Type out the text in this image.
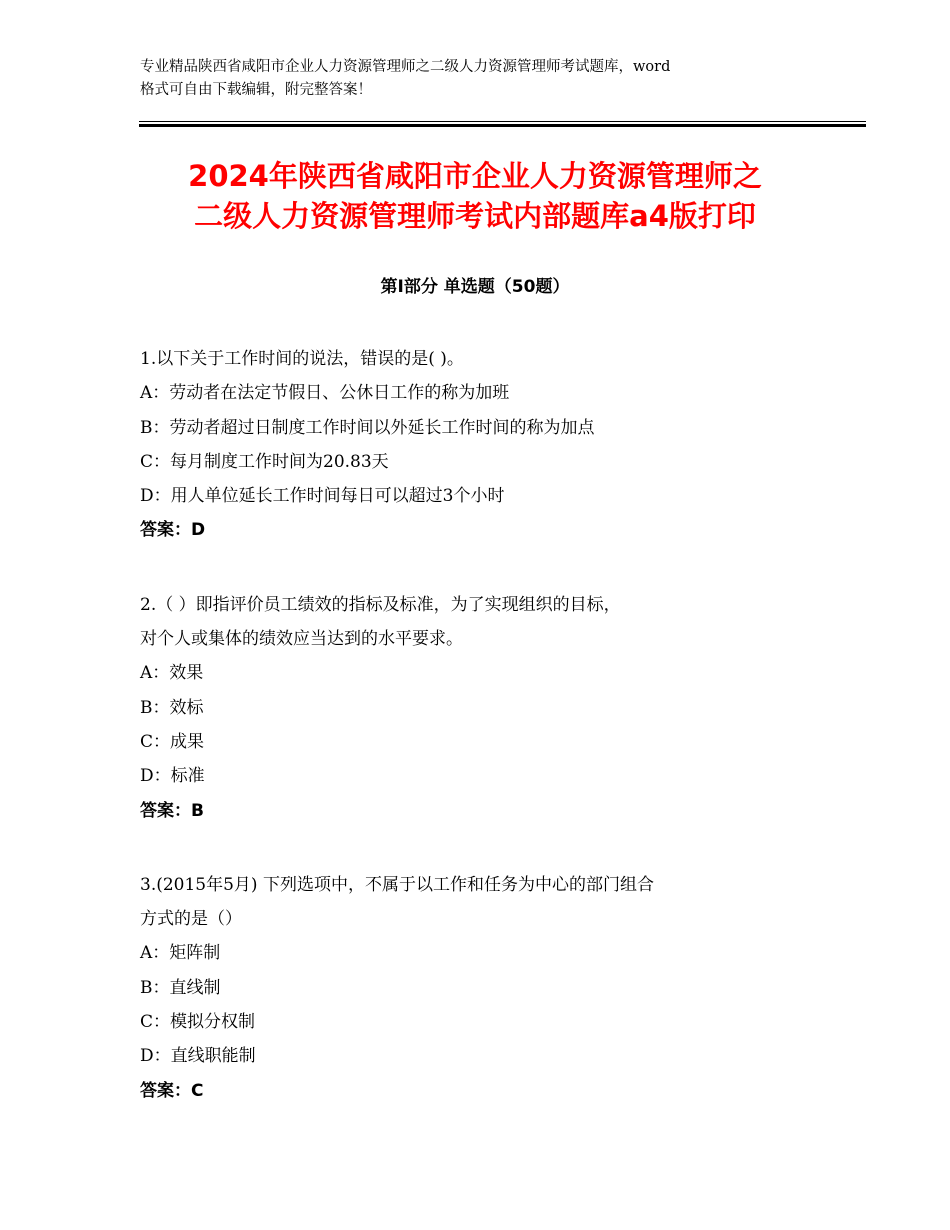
专业精品陕西省咸阳市企业人力资源管理师之二级人力资源管理师考试题库，word
格式可自由下载编辑，附完整答案！
2024年陕西省咸阳市企业人力资源管理师之
二级人力资源管理师考试内部题库a4版打印
第Ⅰ部分 单选题（50题）
1.以下关于工作时间的说法，错误的是( )。
A：劳动者在法定节假日、公休日工作的称为加班
B：劳动者超过日制度工作时间以外延长工作时间的称为加点
C：每月制度工作时间为20.83天
D：用人单位延长工作时间每日可以超过3个小时
答案：D
2.（ ）即指评价员工绩效的指标及标准，为了实现组织的目标，
对个人或集体的绩效应当达到的水平要求。
A：效果
B：效标
C：成果
D：标准
答案：B
3.(2015年5月) 下列选项中，不属于以工作和任务为中心的部门组合
方式的是（）
A：矩阵制
B：直线制
C：模拟分权制
D：直线职能制
答案：C
